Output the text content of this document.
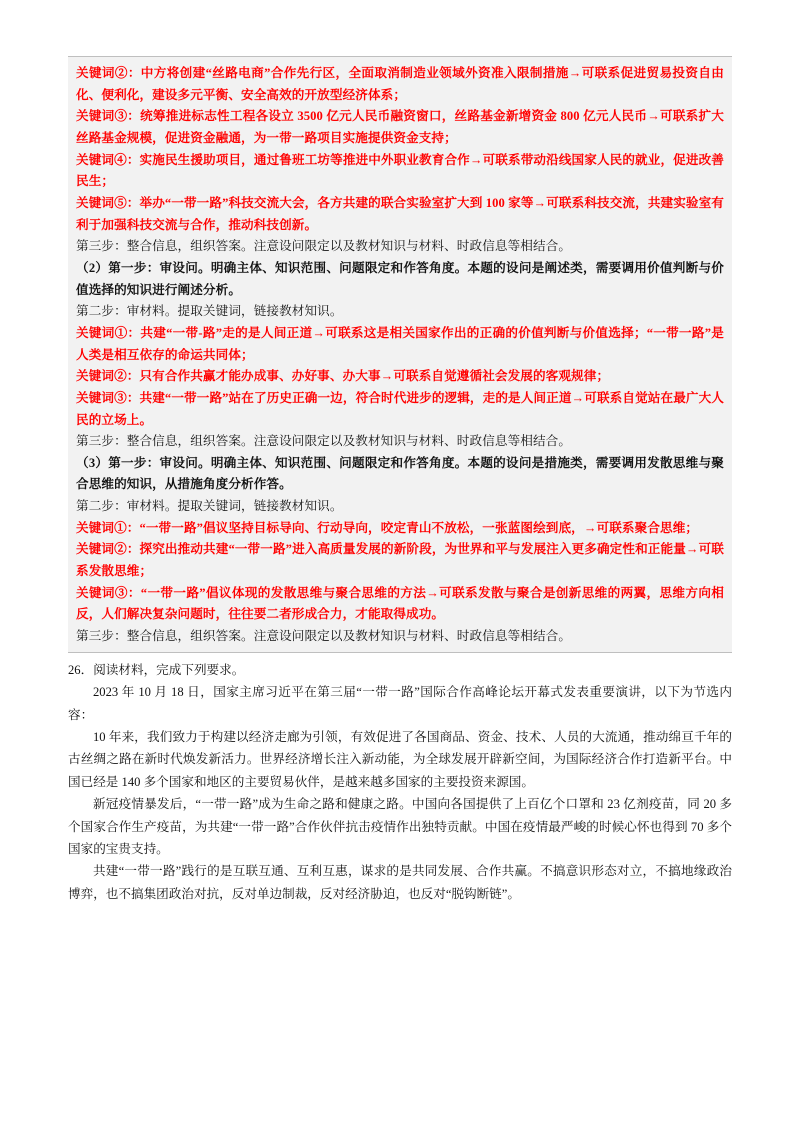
关键词②：中方将创建“丝路电商”合作先行区，全面取消制造业领域外资准入限制措施→可联系促进贸易投资自由化、便利化，建设多元平衡、安全高效的开放型经济体系；

关键词③：统筹推进标志性工程各设立 3500 亿元人民币融资窗口，丝路基金新增资金 800 亿元人民币→可联系扩大丝路基金规模，促进资金融通，为一带一路项目实施提供资金支持；

关键词④：实施民生援助项目，通过鲁班工坊等推进中外职业教育合作→可联系带动沿线国家人民的就业，促进改善民生；

关键词⑤：举办“一带一路”科技交流大会，各方共建的联合实验室扩大到 100 家等→可联系科技交流，共建实验室有利于加强科技交流与合作，推动科技创新。

第三步：整合信息，组织答案。注意设问限定以及教材知识与材料、时政信息等相结合。

（2）第一步：审设问。明确主体、知识范围、问题限定和作答角度。本题的设问是阐述类，需要调用价值判断与价值选择的知识进行阐述分析。

第二步：审材料。提取关键词，链接教材知识。

关键词①：共建“一带-路”走的是人间正道→可联系这是相关国家作出的正确的价值判断与价值选择；“一带一路”是人类是相互依存的命运共同体；

关键词②：只有合作共赢才能办成事、办好事、办大事→可联系自觉遵循社会发展的客观规律；

关键词③：共建“一带一路”站在了历史正确一边，符合时代进步的逻辑，走的是人间正道→可联系自觉站在最广大人民的立场上。

第三步：整合信息，组织答案。注意设问限定以及教材知识与材料、时政信息等相结合。

（3）第一步：审设问。明确主体、知识范围、问题限定和作答角度。本题的设问是措施类，需要调用发散思维与聚合思维的知识，从措施角度分析作答。

第二步：审材料。提取关键词，链接教材知识。

关键词①：“一带一路”倡议坚持目标导向、行动导向，咬定青山不放松，一张蓝图绘到底，→可联系聚合思维；

关键词②：探究出推动共建“一带一路”进入高质量发展的新阶段，为世界和平与发展注入更多确定性和正能量→可联系发散思维；

关键词③：“一带一路”倡议体现的发散思维与聚合思维的方法→可联系发散与聚合是创新思维的两翼，思维方向相反，人们解决复杂问题时，往往要二者形成合力，才能取得成功。

第三步：整合信息，组织答案。注意设问限定以及教材知识与材料、时政信息等相结合。

26．阅读材料，完成下列要求。

2023 年 10 月 18 日，国家主席习近平在第三届“一带一路”国际合作高峰论坛开幕式发表重要演讲，以下为节选内容：

10 年来，我们致力于构建以经济走廊为引领，有效促进了各国商品、资金、技术、人员的大流通，推动绵亘千年的古丝绸之路在新时代焕发新活力。世界经济增长注入新动能，为全球发展开辟新空间，为国际经济合作打造新平台。中国已经是 140 多个国家和地区的主要贸易伙伴，是越来越多国家的主要投资来源国。

新冠疫情暴发后，“一带一路”成为生命之路和健康之路。中国向各国提供了上百亿个口罩和 23 亿剂疫苗，同 20 多个国家合作生产疫苗，为共建“一带一路”合作伙伴抗击疫情作出独特贡献。中国在疫情最严峻的时候心怀也得到 70 多个国家的宝贵支持。

共建“一带一路”践行的是互联互通、互利互惠，谋求的是共同发展、合作共赢。不搞意识形态对立，不搞地缘政治博弈，也不搞集团政治对抗，反对单边制裁，反对经济胁迫，也反对“脱钩断链”。
